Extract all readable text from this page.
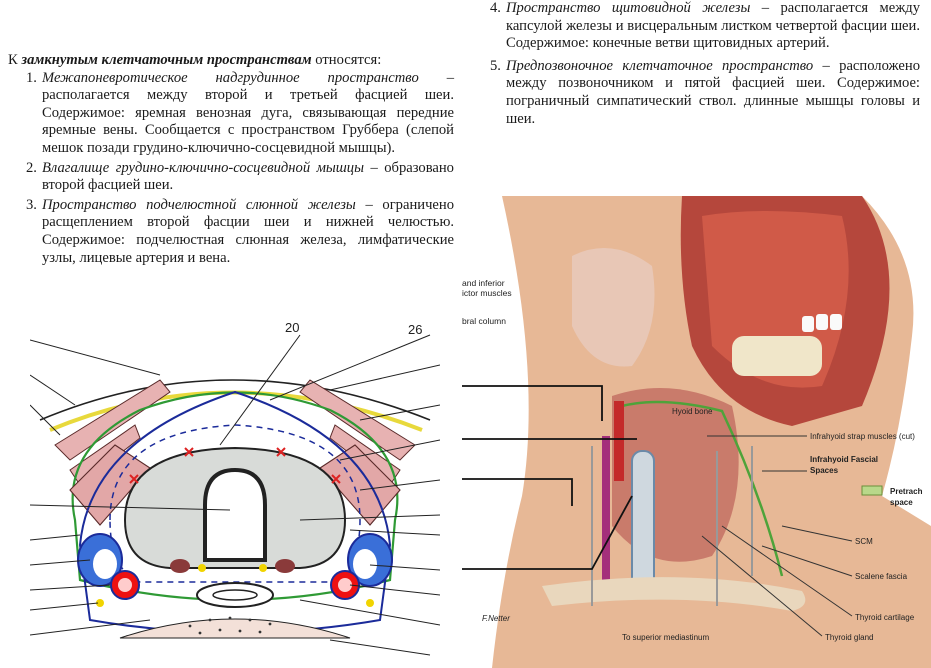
К замкнутым клетчаточным пространствам относятся:

1. Межапоневротическое надгрудинное пространство – располагается между второй и третьей фасцией шеи. Содержимое: яремная венозная дуга, связывающая передние яремные вены. Сообщается с пространством Груббера (слепой мешок позади грудино-ключично-сосцевидной мышцы).
2. Влагалище грудино-ключично-сосцевидной мышцы – образовано второй фасцией шеи.
3. Пространство подчелюстной слюнной железы – ограничено расщеплением второй фасции шеи и нижней челюстью. Содержимое: подчелюстная слюнная железа, лимфатические узлы, лицевые артерия и вена.
4. Пространство щитовидной железы – располагается между капсулой железы и висцеральным листком четвертой фасции шеи. Содержимое: конечные ветви щитовидных артерий.
5. Предпозвоночное клетчаточное пространство – расположено между позвоночником и пятой фасцией шеи. Содержимое: пограничный симпатический ствол. длинные мышцы головы и шеи.
20	26
and inferior
ictor muscles
bral column
Hyoid bone
Infrahyoid strap muscles (cut)
Infrahyoid Fascial
Spaces
Pretrach
space
SCM
Scalene fascia
Thyroid cartilage
Thyroid gland
To superior mediastinum
F.Netter
